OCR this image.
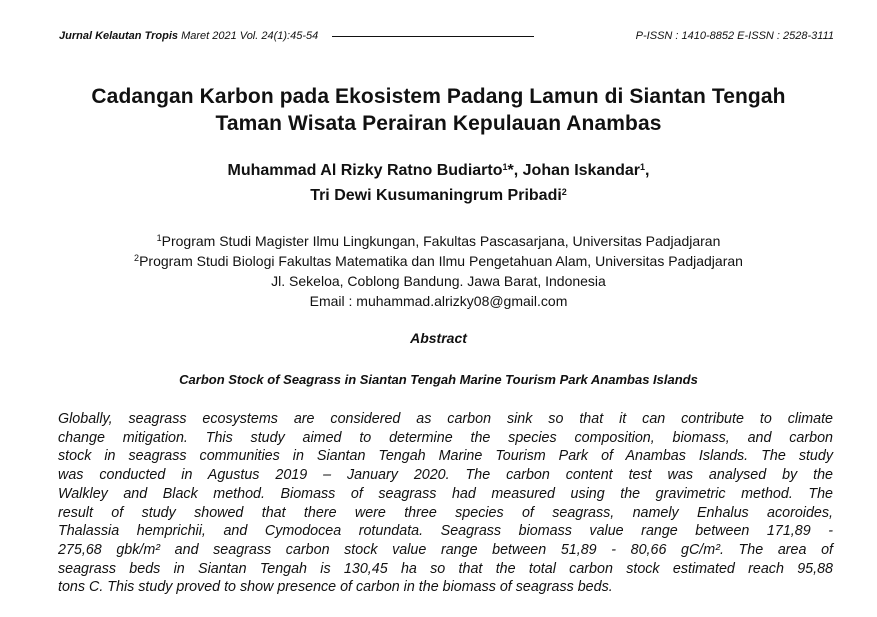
Jurnal Kelautan Tropis Maret 2021 Vol. 24(1):45-54	P-ISSN : 1410-8852 E-ISSN : 2528-3111
Cadangan Karbon pada Ekosistem Padang Lamun di Siantan Tengah
Taman Wisata Perairan Kepulauan Anambas
Muhammad Al Rizky Ratno Budiarto$^1$*, Johan Iskandar$^1$,
Tri Dewi Kusumaningrum Pribadi$^2$
$^1$Program Studi Magister Ilmu Lingkungan, Fakultas Pascasarjana, Universitas Padjadjaran
$^2$Program Studi Biologi Fakultas Matematika dan Ilmu Pengetahuan Alam, Universitas Padjadjaran
Jl. Sekeloa, Coblong Bandung. Jawa Barat, Indonesia
Email : muhammad.alrizky08@gmail.com
Abstract
Carbon Stock of Seagrass in Siantan Tengah Marine Tourism Park Anambas Islands
Globally, seagrass ecosystems are considered as carbon sink so that it can contribute to climate
change mitigation. This study aimed to determine the species composition, biomass, and carbon
stock in seagrass communities in Siantan Tengah Marine Tourism Park of Anambas Islands. The study
was conducted in Agustus 2019 – January 2020. The carbon content test was analysed by the
Walkley and Black method. Biomass of seagrass had measured using the gravimetric method. The
result of study showed that there were three species of seagrass, namely Enhalus acoroides,
Thalassia hemprichii, and Cymodocea rotundata. Seagrass biomass value range between 171,89 -
275,68 gbk/m² and seagrass carbon stock value range between 51,89 - 80,66 gC/m². The area of
seagrass beds in Siantan Tengah is 130,45 ha so that the total carbon stock estimated reach 95,88
tons C. This study proved to show presence of carbon in the biomass of seagrass beds.
